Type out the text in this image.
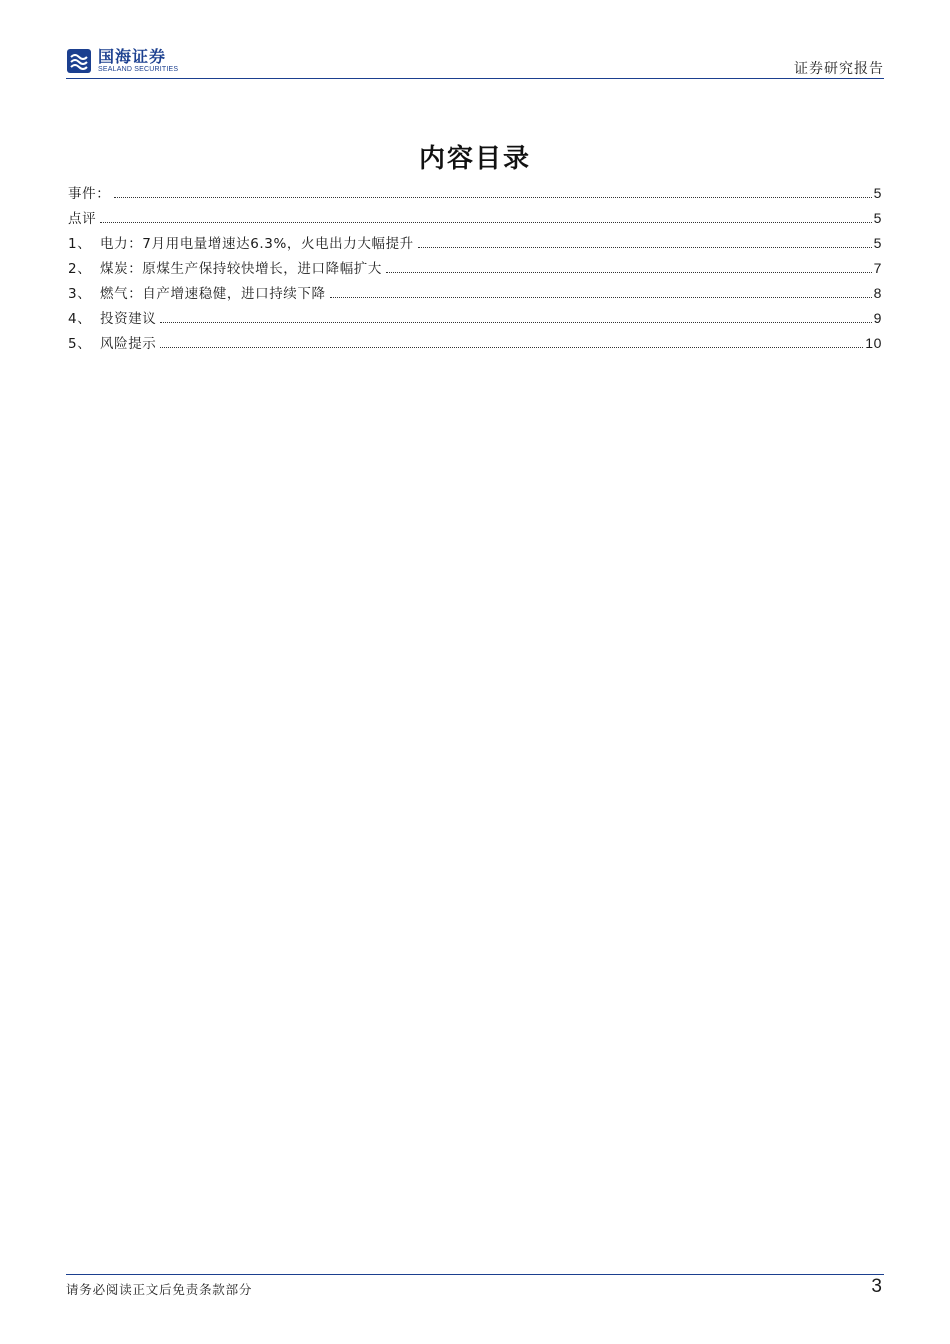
国海证券
SEALAND SECURITIES	证券研究报告
内容目录
事件：	5
点评	5
1、 电力：7月用电量增速达6.3%，火电出力大幅提升	5
2、 煤炭：原煤生产保持较快增长，进口降幅扩大	7
3、 燃气：自产增速稳健，进口持续下降	8
4、 投资建议	9
5、 风险提示	10
请务必阅读正文后免责条款部分	3
